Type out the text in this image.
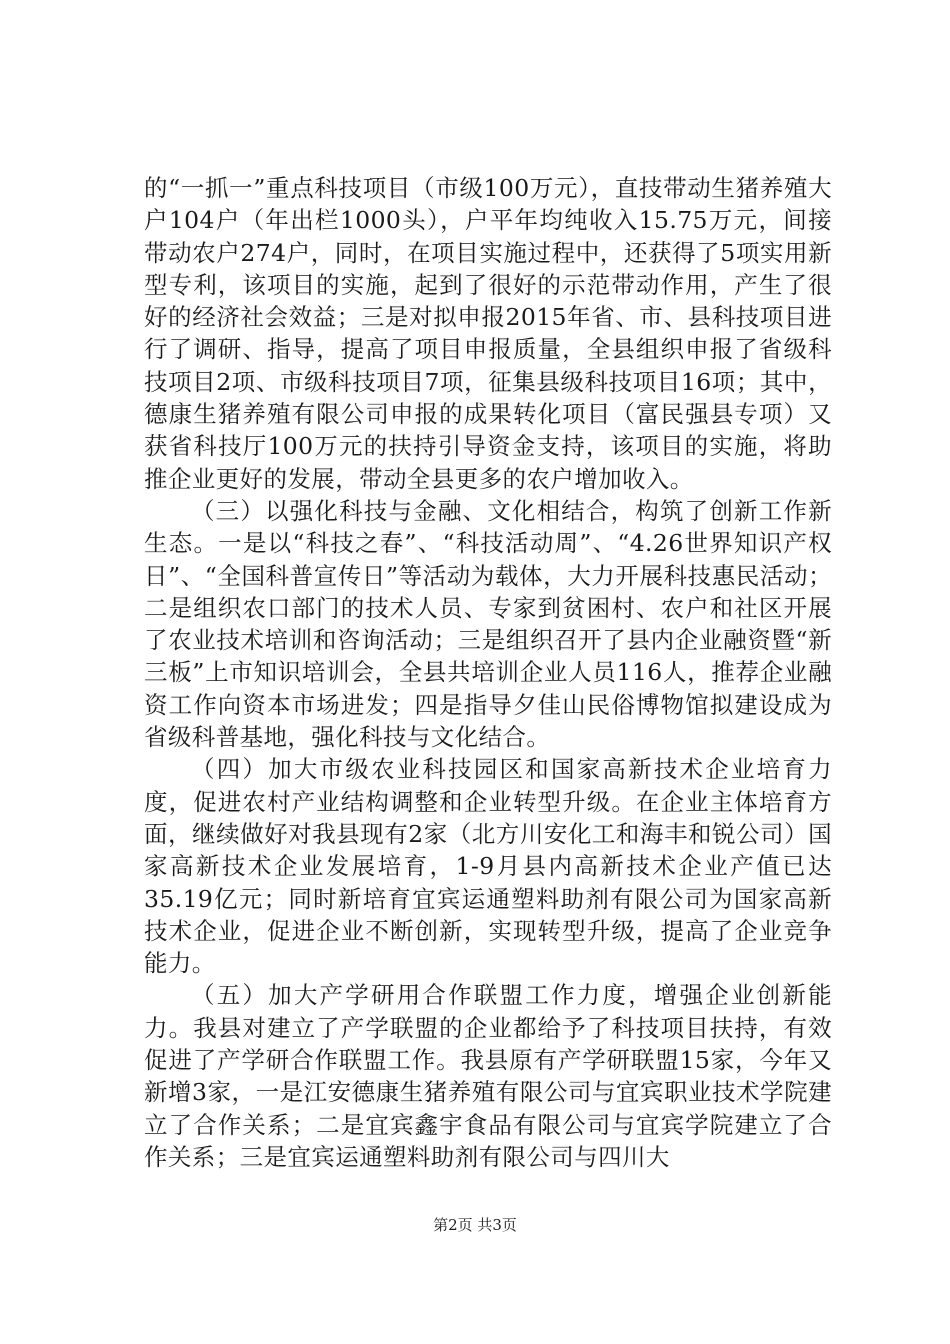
的“一抓一”重点科技项目（市级100万元），直技带动生猪养殖大户104户（年出栏1000头），户平年均纯收入15.75万元，间接带动农户274户，同时，在项目实施过程中，还获得了5项实用新型专利，该项目的实施，起到了很好的示范带动作用，产生了很好的经济社会效益；三是对拟申报2015年省、市、县科技项目进行了调研、指导，提高了项目申报质量，全县组织申报了省级科技项目2项、市级科技项目7项，征集县级科技项目16项；其中，德康生猪养殖有限公司申报的成果转化项目（富民强县专项）又获省科技厅100万元的扶持引导资金支持，该项目的实施，将助推企业更好的发展，带动全县更多的农户增加收入。

（三）以强化科技与金融、文化相结合，构筑了创新工作新生态。一是以“科技之春”、“科技活动周”、“4.26世界知识产权日”、“全国科普宣传日”等活动为载体，大力开展科技惠民活动；二是组织农口部门的技术人员、专家到贫困村、农户和社区开展了农业技术培训和咨询活动；三是组织召开了县内企业融资暨“新三板”上市知识培训会，全县共培训企业人员116人，推荐企业融资工作向资本市场进发；四是指导夕佳山民俗博物馆拟建设成为省级科普基地，强化科技与文化结合。

（四）加大市级农业科技园区和国家高新技术企业培育力度，促进农村产业结构调整和企业转型升级。在企业主体培育方面，继续做好对我县现有2家（北方川安化工和海丰和锐公司）国家高新技术企业发展培育，1-9月县内高新技术企业产值已达35.19亿元；同时新培育宜宾运通塑料助剂有限公司为国家高新技术企业，促进企业不断创新，实现转型升级，提高了企业竞争能力。

（五）加大产学研用合作联盟工作力度，增强企业创新能力。我县对建立了产学联盟的企业都给予了科技项目扶持，有效促进了产学研合作联盟工作。我县原有产学研联盟15家，今年又新增3家，一是江安德康生猪养殖有限公司与宜宾职业技术学院建立了合作关系；二是宜宾鑫宇食品有限公司与宜宾学院建立了合作关系；三是宜宾运通塑料助剂有限公司与四川大

第2页 共3页
